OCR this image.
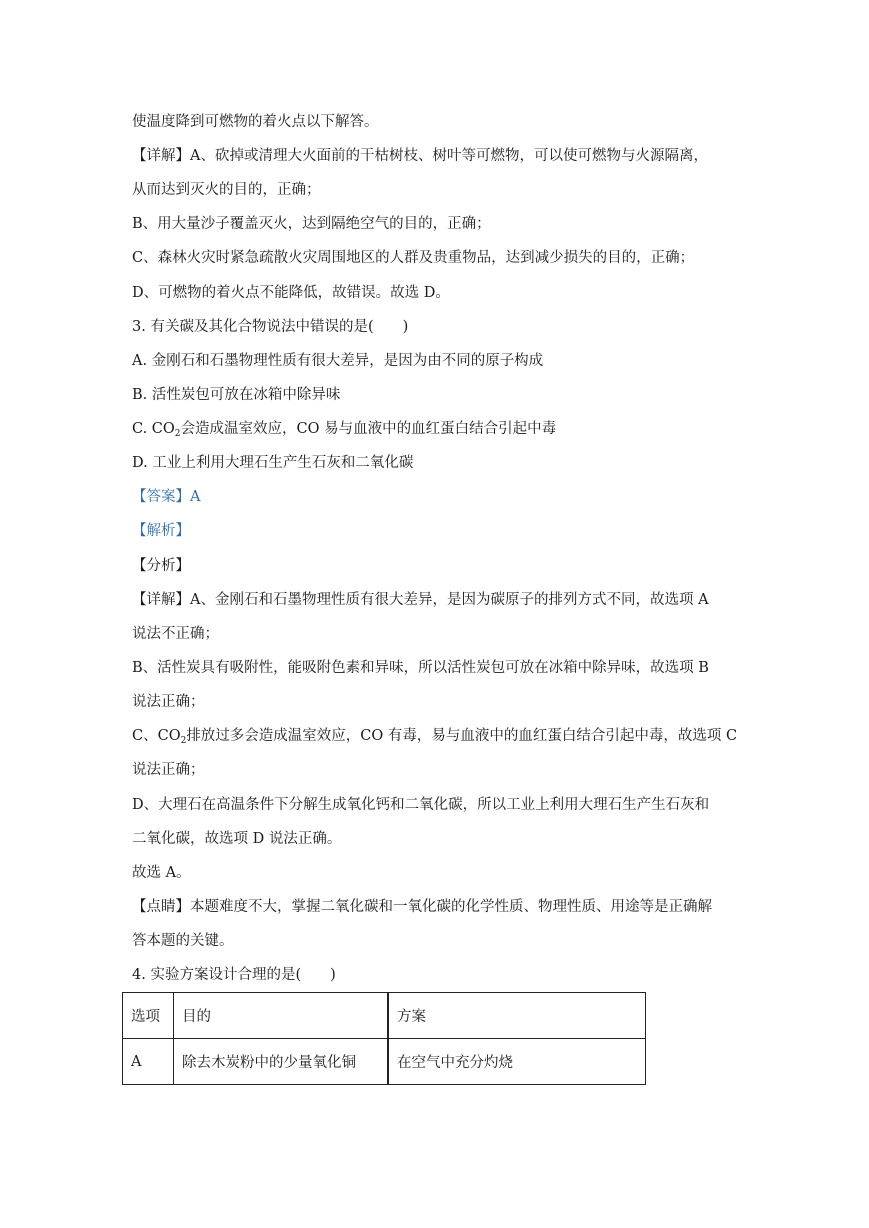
使温度降到可燃物的着火点以下解答。
【详解】A、砍掉或清理大火面前的干枯树枝、树叶等可燃物，可以使可燃物与火源隔离，
从而达到灭火的目的，正确；
B、用大量沙子覆盖灭火，达到隔绝空气的目的，正确；
C、森林火灾时紧急疏散火灾周围地区的人群及贵重物品，达到减少损失的目的，正确；
D、可燃物的着火点不能降低，故错误。故选 D。
3. 有关碳及其化合物说法中错误的是(　　)
A. 金刚石和石墨物理性质有很大差异，是因为由不同的原子构成
B. 活性炭包可放在冰箱中除异味
C. $CO_2$会造成温室效应，CO 易与血液中的血红蛋白结合引起中毒
D. 工业上利用大理石生产生石灰和二氧化碳
【答案】A
【解析】
【分析】
【详解】A、金刚石和石墨物理性质有很大差异，是因为碳原子的排列方式不同，故选项 A
说法不正确；
B、活性炭具有吸附性，能吸附色素和异味，所以活性炭包可放在冰箱中除异味，故选项 B
说法正确；
C、$CO_2$排放过多会造成温室效应，CO 有毒，易与血液中的血红蛋白结合引起中毒，故选项 C
说法正确；
D、大理石在高温条件下分解生成氧化钙和二氧化碳，所以工业上利用大理石生产生石灰和
二氧化碳，故选项 D 说法正确。
故选 A。
【点睛】本题难度不大，掌握二氧化碳和一氧化碳的化学性质、物理性质、用途等是正确解
答本题的关键。
4. 实验方案设计合理的是(　　)
选项	目的	方案
A	除去木炭粉中的少量氧化铜	在空气中充分灼烧
